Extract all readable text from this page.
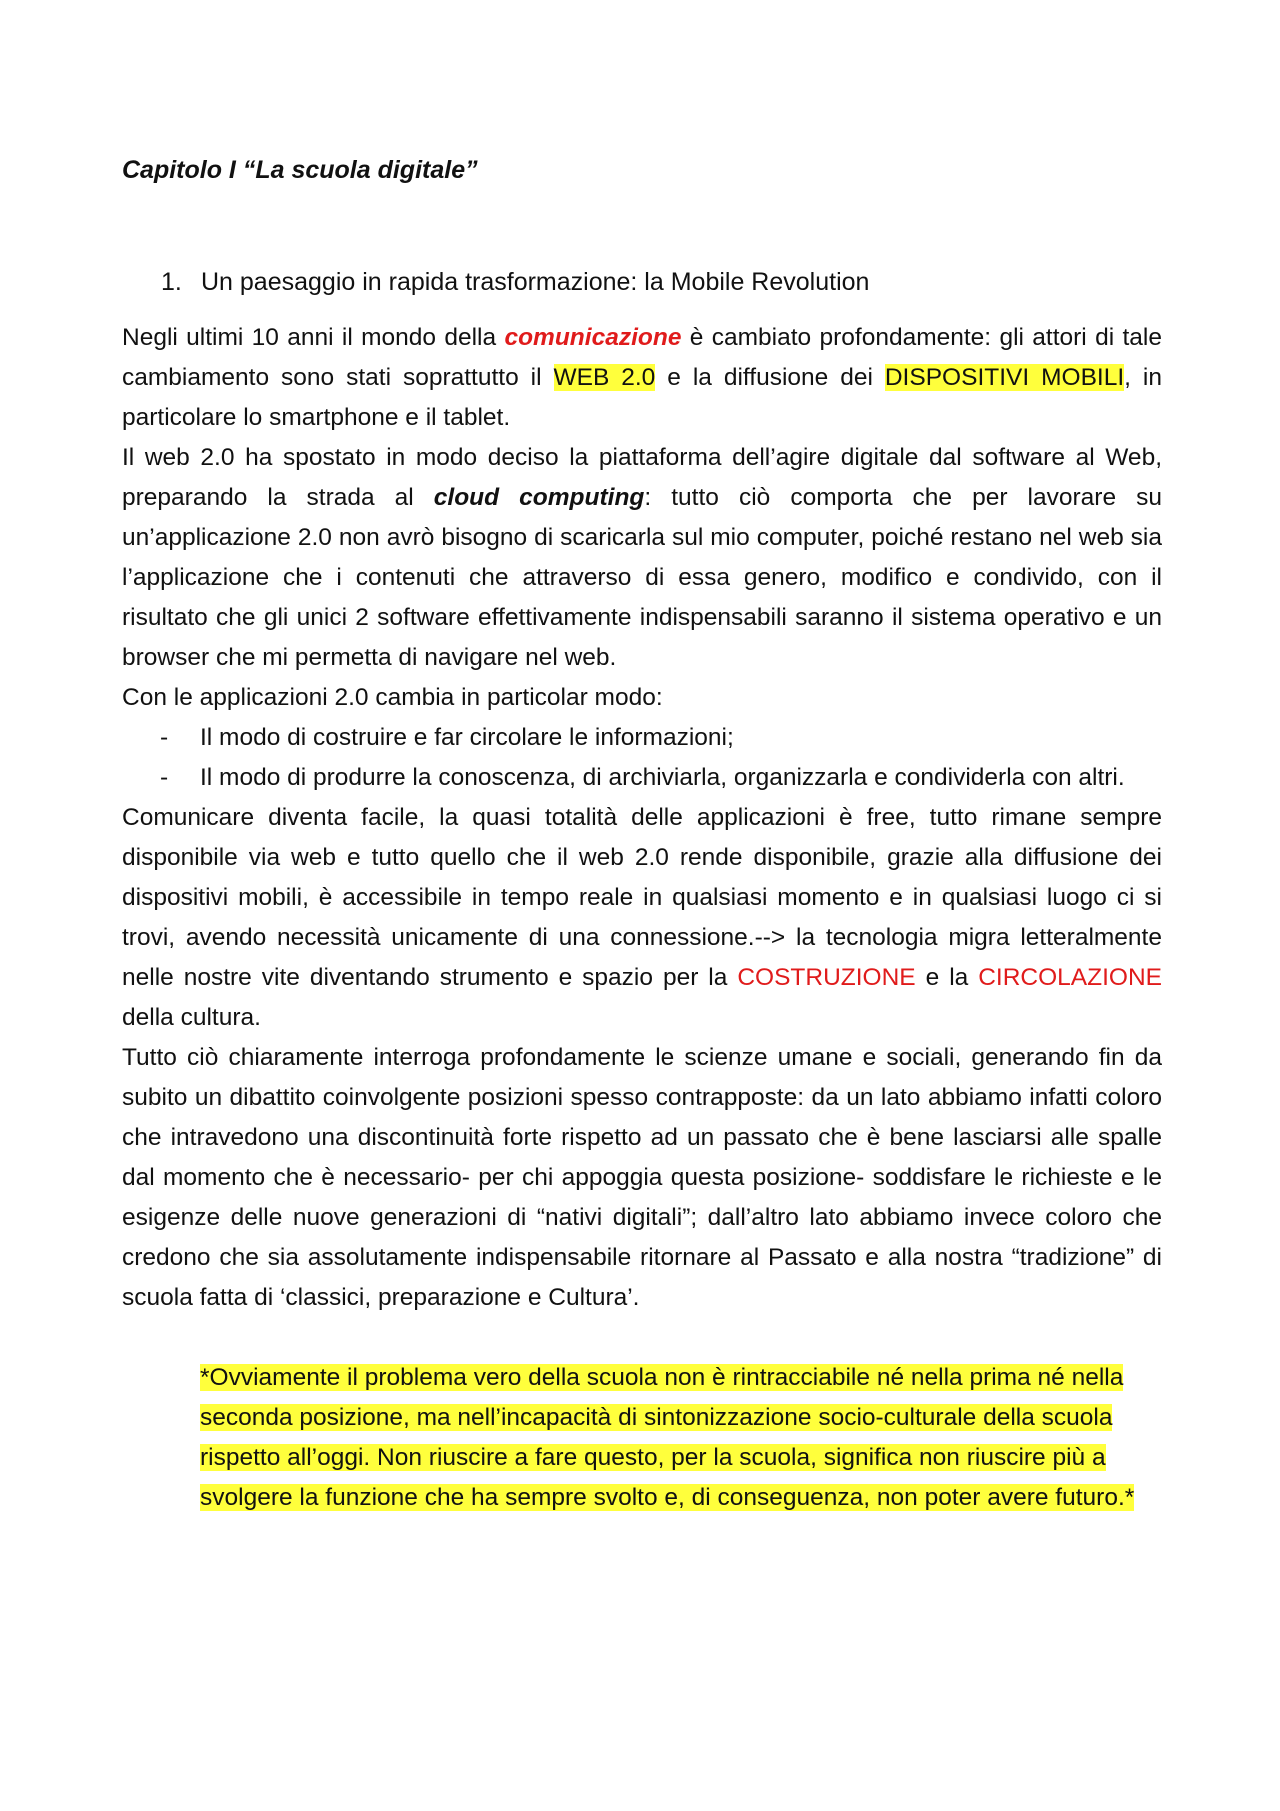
Capitolo I “La scuola digitale”
1. Un paesaggio in rapida trasformazione: la Mobile Revolution

Negli ultimi 10 anni il mondo della comunicazione è cambiato profondamente: gli attori di tale cambiamento sono stati soprattutto il WEB 2.0 e la diffusione dei DISPOSITIVI MOBILI, in particolare lo smartphone e il tablet.

Il web 2.0 ha spostato in modo deciso la piattaforma dell’agire digitale dal software al Web, preparando la strada al cloud computing: tutto ciò comporta che per lavorare su un’applicazione 2.0 non avrò bisogno di scaricarla sul mio computer, poiché restano nel web sia l’applicazione che i contenuti che attraverso di essa genero, modifico e condivido, con il risultato che gli unici 2 software effettivamente indispensabili saranno il sistema operativo e un browser che mi permetta di navigare nel web.

Con le applicazioni 2.0 cambia in particolar modo:

- Il modo di costruire e far circolare le informazioni;
- Il modo di produrre la conoscenza, di archiviarla, organizzarla e condividerla con altri.

Comunicare diventa facile, la quasi totalità delle applicazioni è free, tutto rimane sempre disponibile via web e tutto quello che il web 2.0 rende disponibile, grazie alla diffusione dei dispositivi mobili, è accessibile in tempo reale in qualsiasi momento e in qualsiasi luogo ci si trovi, avendo necessità unicamente di una connessione.--> la tecnologia migra letteralmente nelle nostre vite diventando strumento e spazio per la COSTRUZIONE e la CIRCOLAZIONE della cultura.

Tutto ciò chiaramente interroga profondamente le scienze umane e sociali, generando fin da subito un dibattito coinvolgente posizioni spesso contrapposte: da un lato abbiamo infatti coloro che intravedono una discontinuità forte rispetto ad un passato che è bene lasciarsi alle spalle dal momento che è necessario- per chi appoggia questa posizione- soddisfare le richieste e le esigenze delle nuove generazioni di “nativi digitali”; dall’altro lato abbiamo invece coloro che credono che sia assolutamente indispensabile ritornare al Passato e alla nostra “tradizione” di scuola fatta di ‘classici, preparazione e Cultura’.

*Ovviamente il problema vero della scuola non è rintracciabile né nella prima né nella seconda posizione, ma nell’incapacità di sintonizzazione socio-culturale della scuola rispetto all’oggi. Non riuscire a fare questo, per la scuola, significa non riuscire più a svolgere la funzione che ha sempre svolto e, di conseguenza, non poter avere futuro.*
